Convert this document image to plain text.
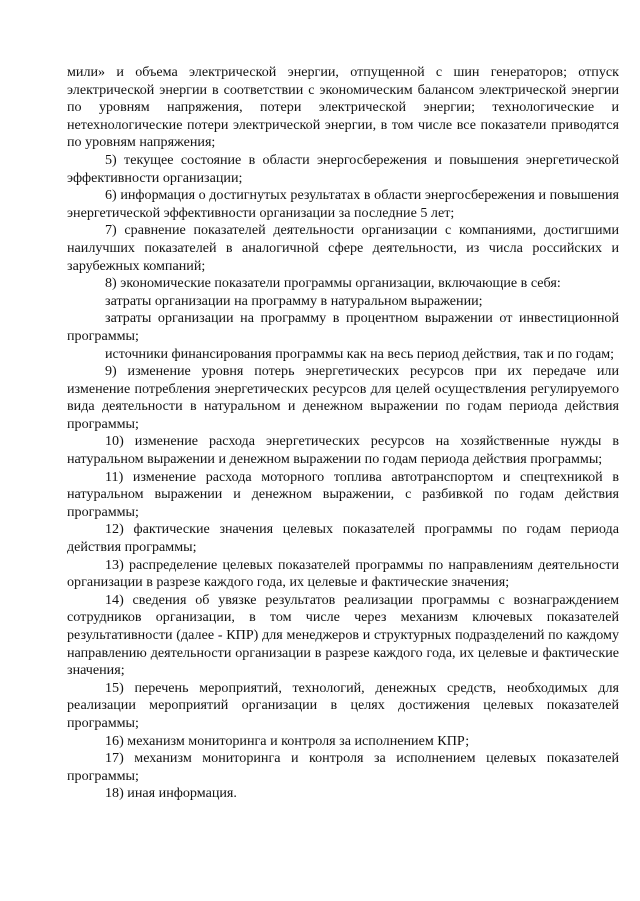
мили» и объема электрической энергии, отпущенной с шин генераторов; отпуск электрической энергии в соответствии с экономическим балансом электрической энергии по уровням напряжения, потери электрической энергии; технологические и нетехнологические потери электрической энергии, в том числе все показатели приводятся по уровням напряжения;

5) текущее состояние в области энергосбережения и повышения энергетической эффективности организации;

6) информация о достигнутых результатах в области энергосбережения и повышения энергетической эффективности организации за последние 5 лет;

7) сравнение показателей деятельности организации с компаниями, достигшими наилучших показателей в аналогичной сфере деятельности, из числа российских и зарубежных компаний;

8) экономические показатели программы организации, включающие в себя:

затраты организации на программу в натуральном выражении;

затраты организации на программу в процентном выражении от инвестиционной программы;

источники финансирования программы как на весь период действия, так и по годам;

9) изменение уровня потерь энергетических ресурсов при их передаче или изменение потребления энергетических ресурсов для целей осуществления регулируемого вида деятельности в натуральном и денежном выражении по годам периода действия программы;

10) изменение расхода энергетических ресурсов на хозяйственные нужды в натуральном выражении и денежном выражении по годам периода действия программы;

11) изменение расхода моторного топлива автотранспортом и спецтехникой в натуральном выражении и денежном выражении, с разбивкой по годам действия программы;

12) фактические значения целевых показателей программы по годам периода действия программы;

13) распределение целевых показателей программы по направлениям деятельности организации в разрезе каждого года, их целевые и фактические значения;

14) сведения об увязке результатов реализации программы с вознаграждением сотрудников организации, в том числе через механизм ключевых показателей результативности (далее - КПР) для менеджеров и структурных подразделений по каждому направлению деятельности организации в разрезе каждого года, их целевые и фактические значения;

15) перечень мероприятий, технологий, денежных средств, необходимых для реализации мероприятий организации в целях достижения целевых показателей программы;

16) механизм мониторинга и контроля за исполнением КПР;

17) механизм мониторинга и контроля за исполнением целевых показателей программы;

18) иная информация.
